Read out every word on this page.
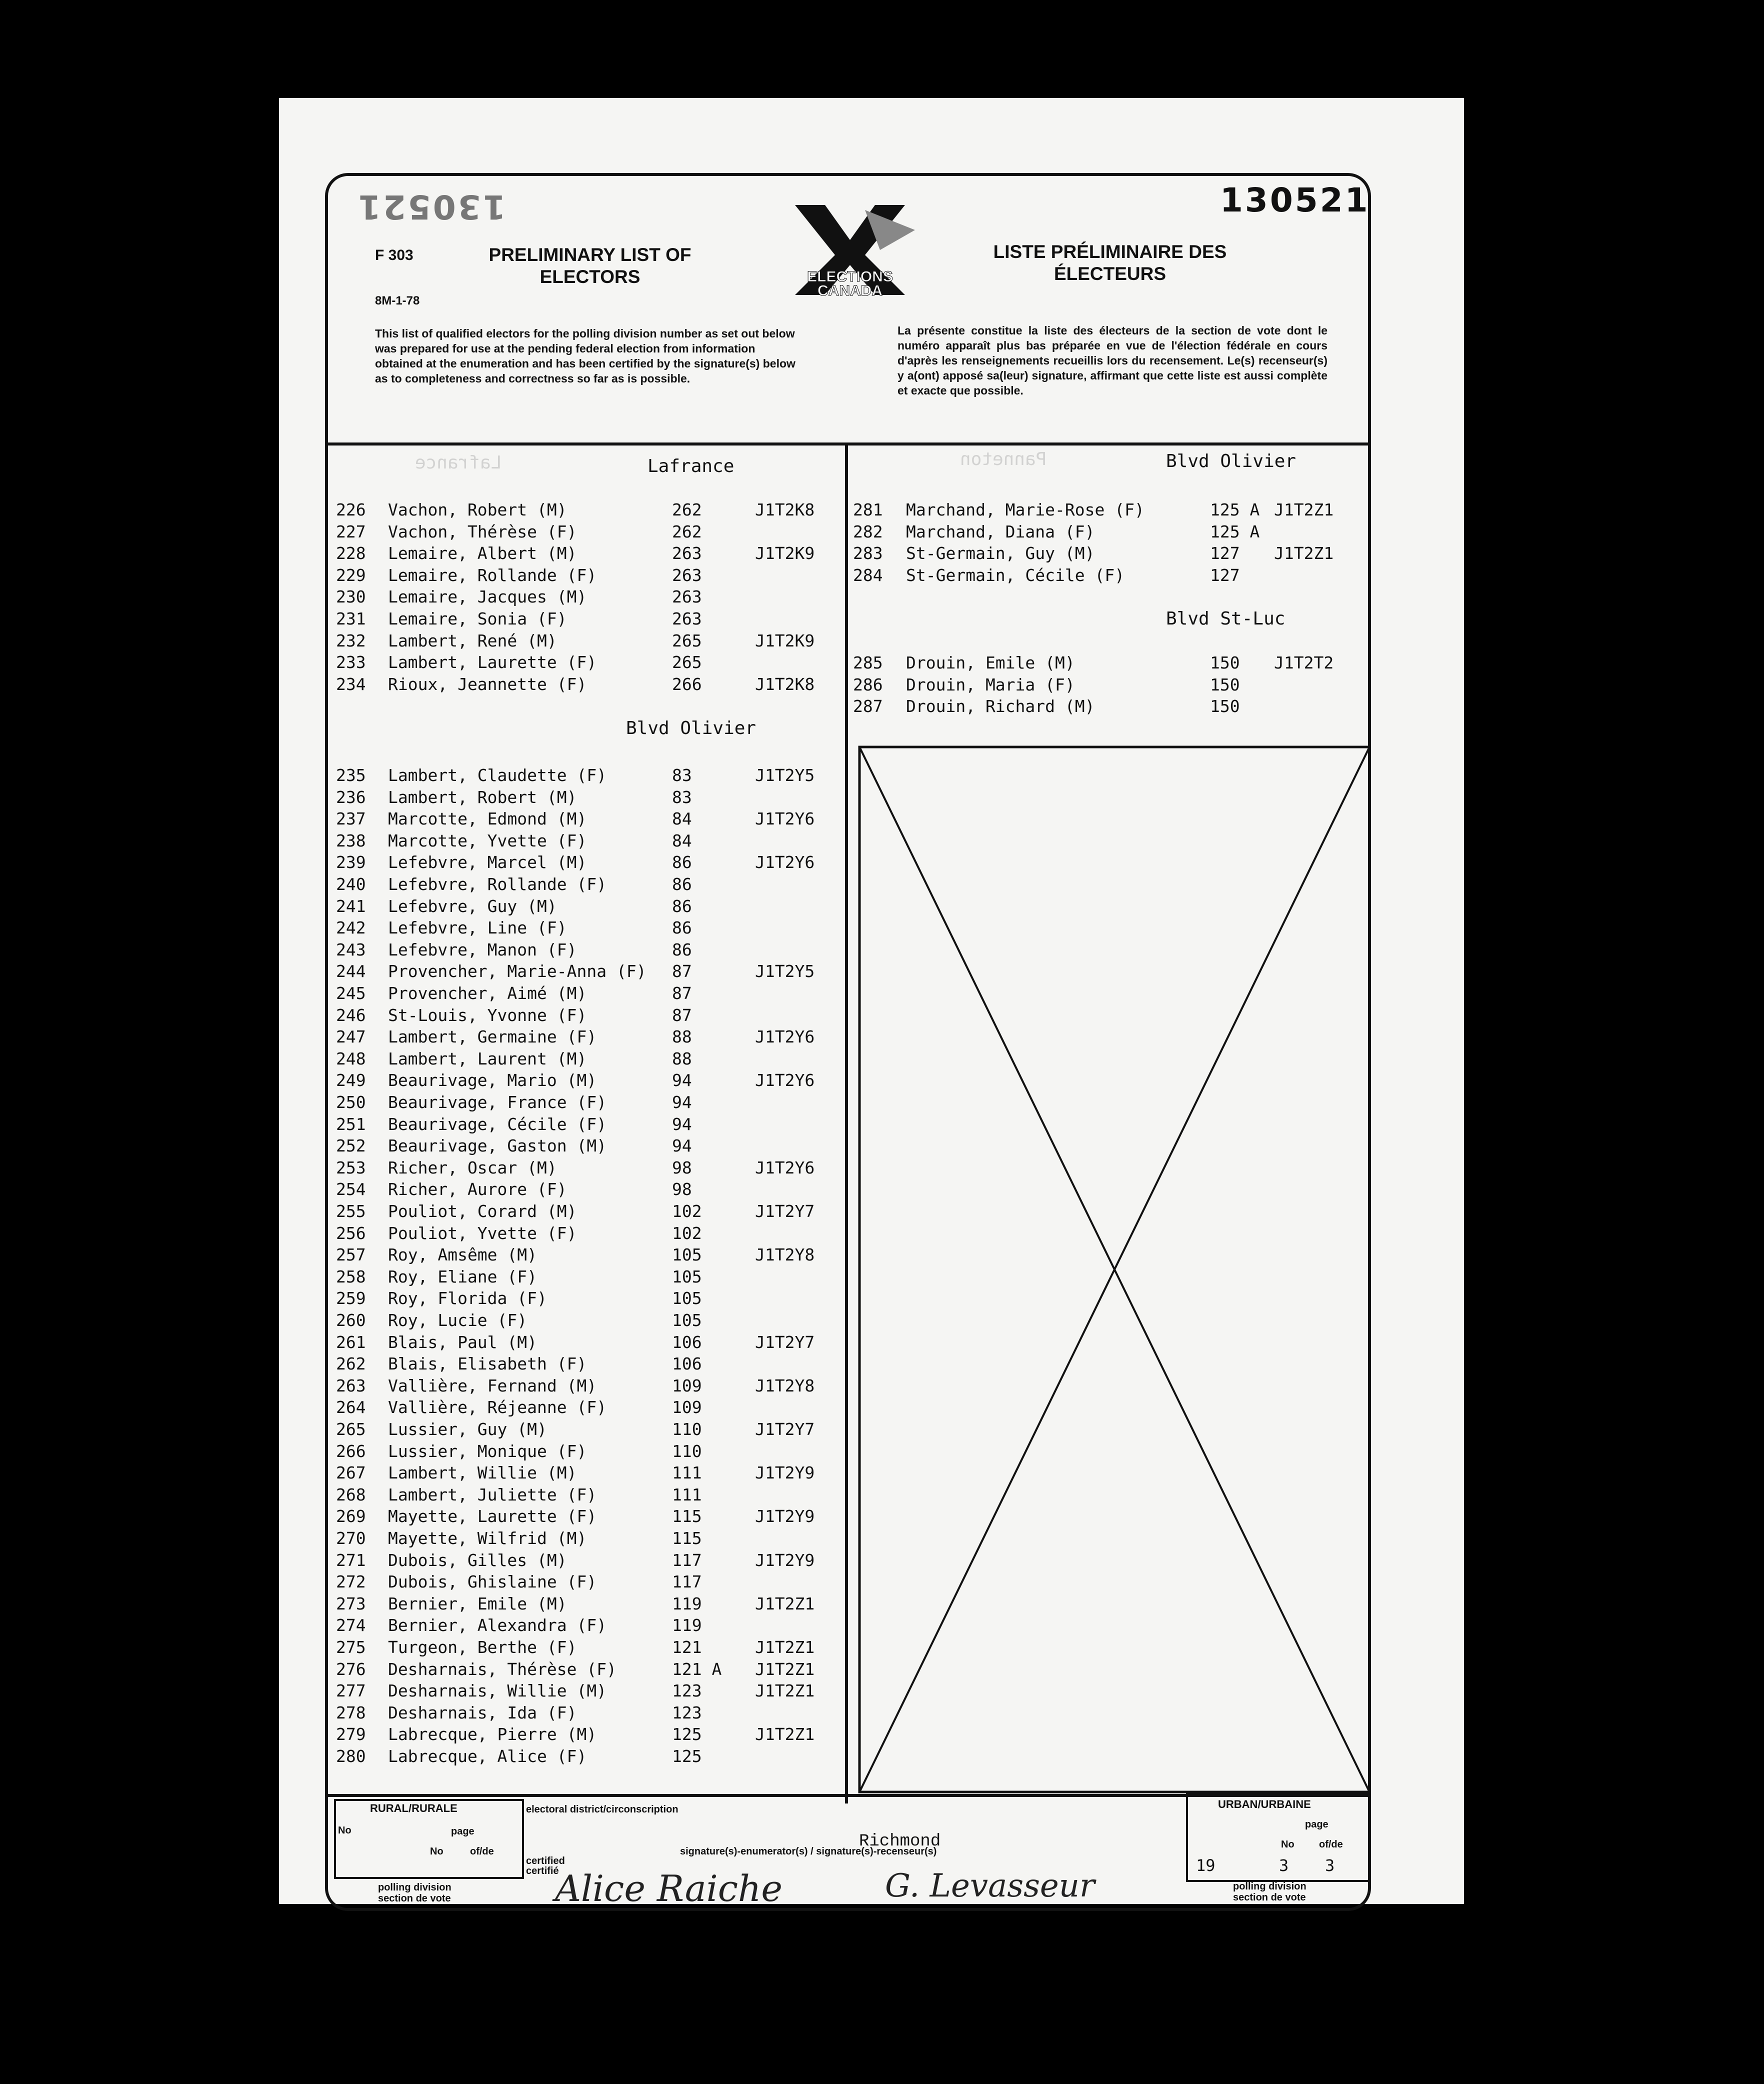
130521	130521
F 303
8M-1-78
PRELIMINARY LIST OF ELECTORS
LISTE PRÉLIMINAIRE DES ÉLECTEURS
ELECTIONS CANADA
This list of qualified electors for the polling division number as set out below was prepared for use at the pending federal election from information obtained at the enumeration and has been certified by the signature(s) below as to completeness and correctness so far as is possible.
La présente constitue la liste des électeurs de la section de vote dont le numéro apparaît plus bas préparée en vue de l'élection fédérale en cours d'après les renseignements recueillis lors du recensement. Le(s) recenseur(s) y a(ont) apposé sa(leur) signature, affirmant que cette liste est aussi complète et exacte que possible.
Lafrance	Panneton
Lafrance
Blvd Olivier
Blvd Olivier
Blvd St-Luc
226 Vachon, Robert (M)	262	J1T2K8
227 Vachon, Thérèse (F)	262
228 Lemaire, Albert (M)	263	J1T2K9
229 Lemaire, Rollande (F)	263
230 Lemaire, Jacques (M)	263
231 Lemaire, Sonia (F)	263
232 Lambert, René (M)	265	J1T2K9
233 Lambert, Laurette (F)	265
234 Rioux, Jeannette (F)	266	J1T2K8
235 Lambert, Claudette (F)	83	J1T2Y5
236 Lambert, Robert (M)	83
237 Marcotte, Edmond (M)	84	J1T2Y6
238 Marcotte, Yvette (F)	84
239 Lefebvre, Marcel (M)	86	J1T2Y6
240 Lefebvre, Rollande (F)	86
241 Lefebvre, Guy (M)	86
242 Lefebvre, Line (F)	86
243 Lefebvre, Manon (F)	86
244 Provencher, Marie-Anna (F) 87	J1T2Y5
245 Provencher, Aimé (M)	87
246 St-Louis, Yvonne (F)	87
247 Lambert, Germaine (F)	88	J1T2Y6
248 Lambert, Laurent (M)	88
249 Beaurivage, Mario (M)	94	J1T2Y6
250 Beaurivage, France (F)	94
251 Beaurivage, Cécile (F)	94
252 Beaurivage, Gaston (M)	94
253 Richer, Oscar (M)	98	J1T2Y6
254 Richer, Aurore (F)	98
255 Pouliot, Corard (M)	102	J1T2Y7
256 Pouliot, Yvette (F)	102
257 Roy, Amsême (M)	105	J1T2Y8
258 Roy, Eliane (F)	105
259 Roy, Florida (F)	105
260 Roy, Lucie (F)	105
261 Blais, Paul (M)	106	J1T2Y7
262 Blais, Elisabeth (F)	106
263 Vallière, Fernand (M)	109	J1T2Y8
264 Vallière, Réjeanne (F)	109
265 Lussier, Guy (M)	110	J1T2Y7
266 Lussier, Monique (F)	110
267 Lambert, Willie (M)	111	J1T2Y9
268 Lambert, Juliette (F)	111
269 Mayette, Laurette (F)	115	J1T2Y9
270 Mayette, Wilfrid (M)	115
271 Dubois, Gilles (M)	117	J1T2Y9
272 Dubois, Ghislaine (F)	117
273 Bernier, Emile (M)	119	J1T2Z1
274 Bernier, Alexandra (F)	119
275 Turgeon, Berthe (F)	121	J1T2Z1
276 Desharnais, Thérèse (F)	121 A J1T2Z1
277 Desharnais, Willie (M)	123	J1T2Z1
278 Desharnais, Ida (F)	123
279 Labrecque, Pierre (M)	125	J1T2Z1
280 Labrecque, Alice (F)	125
281 Marchand, Marie-Rose (F)	125 A J1T2Z1
282 Marchand, Diana (F)	125 A
283 St-Germain, Guy (M)	127 J1T2Z1
284 St-Germain, Cécile (F)	127
285 Drouin, Emile (M)	150 J1T2T2
286 Drouin, Maria (F)	150
287 Drouin, Richard (M)	150
RURAL/RURALE
No	page
No	of/de
polling division section de vote
electoral district/circonscription
Richmond
certified certifié
signature(s)-enumerator(s) / signature(s)-recenseur(s)
Alice Raiche	G. Levasseur
URBAN/URBAINE
page
No of/de
19	3 3
polling division section de vote
